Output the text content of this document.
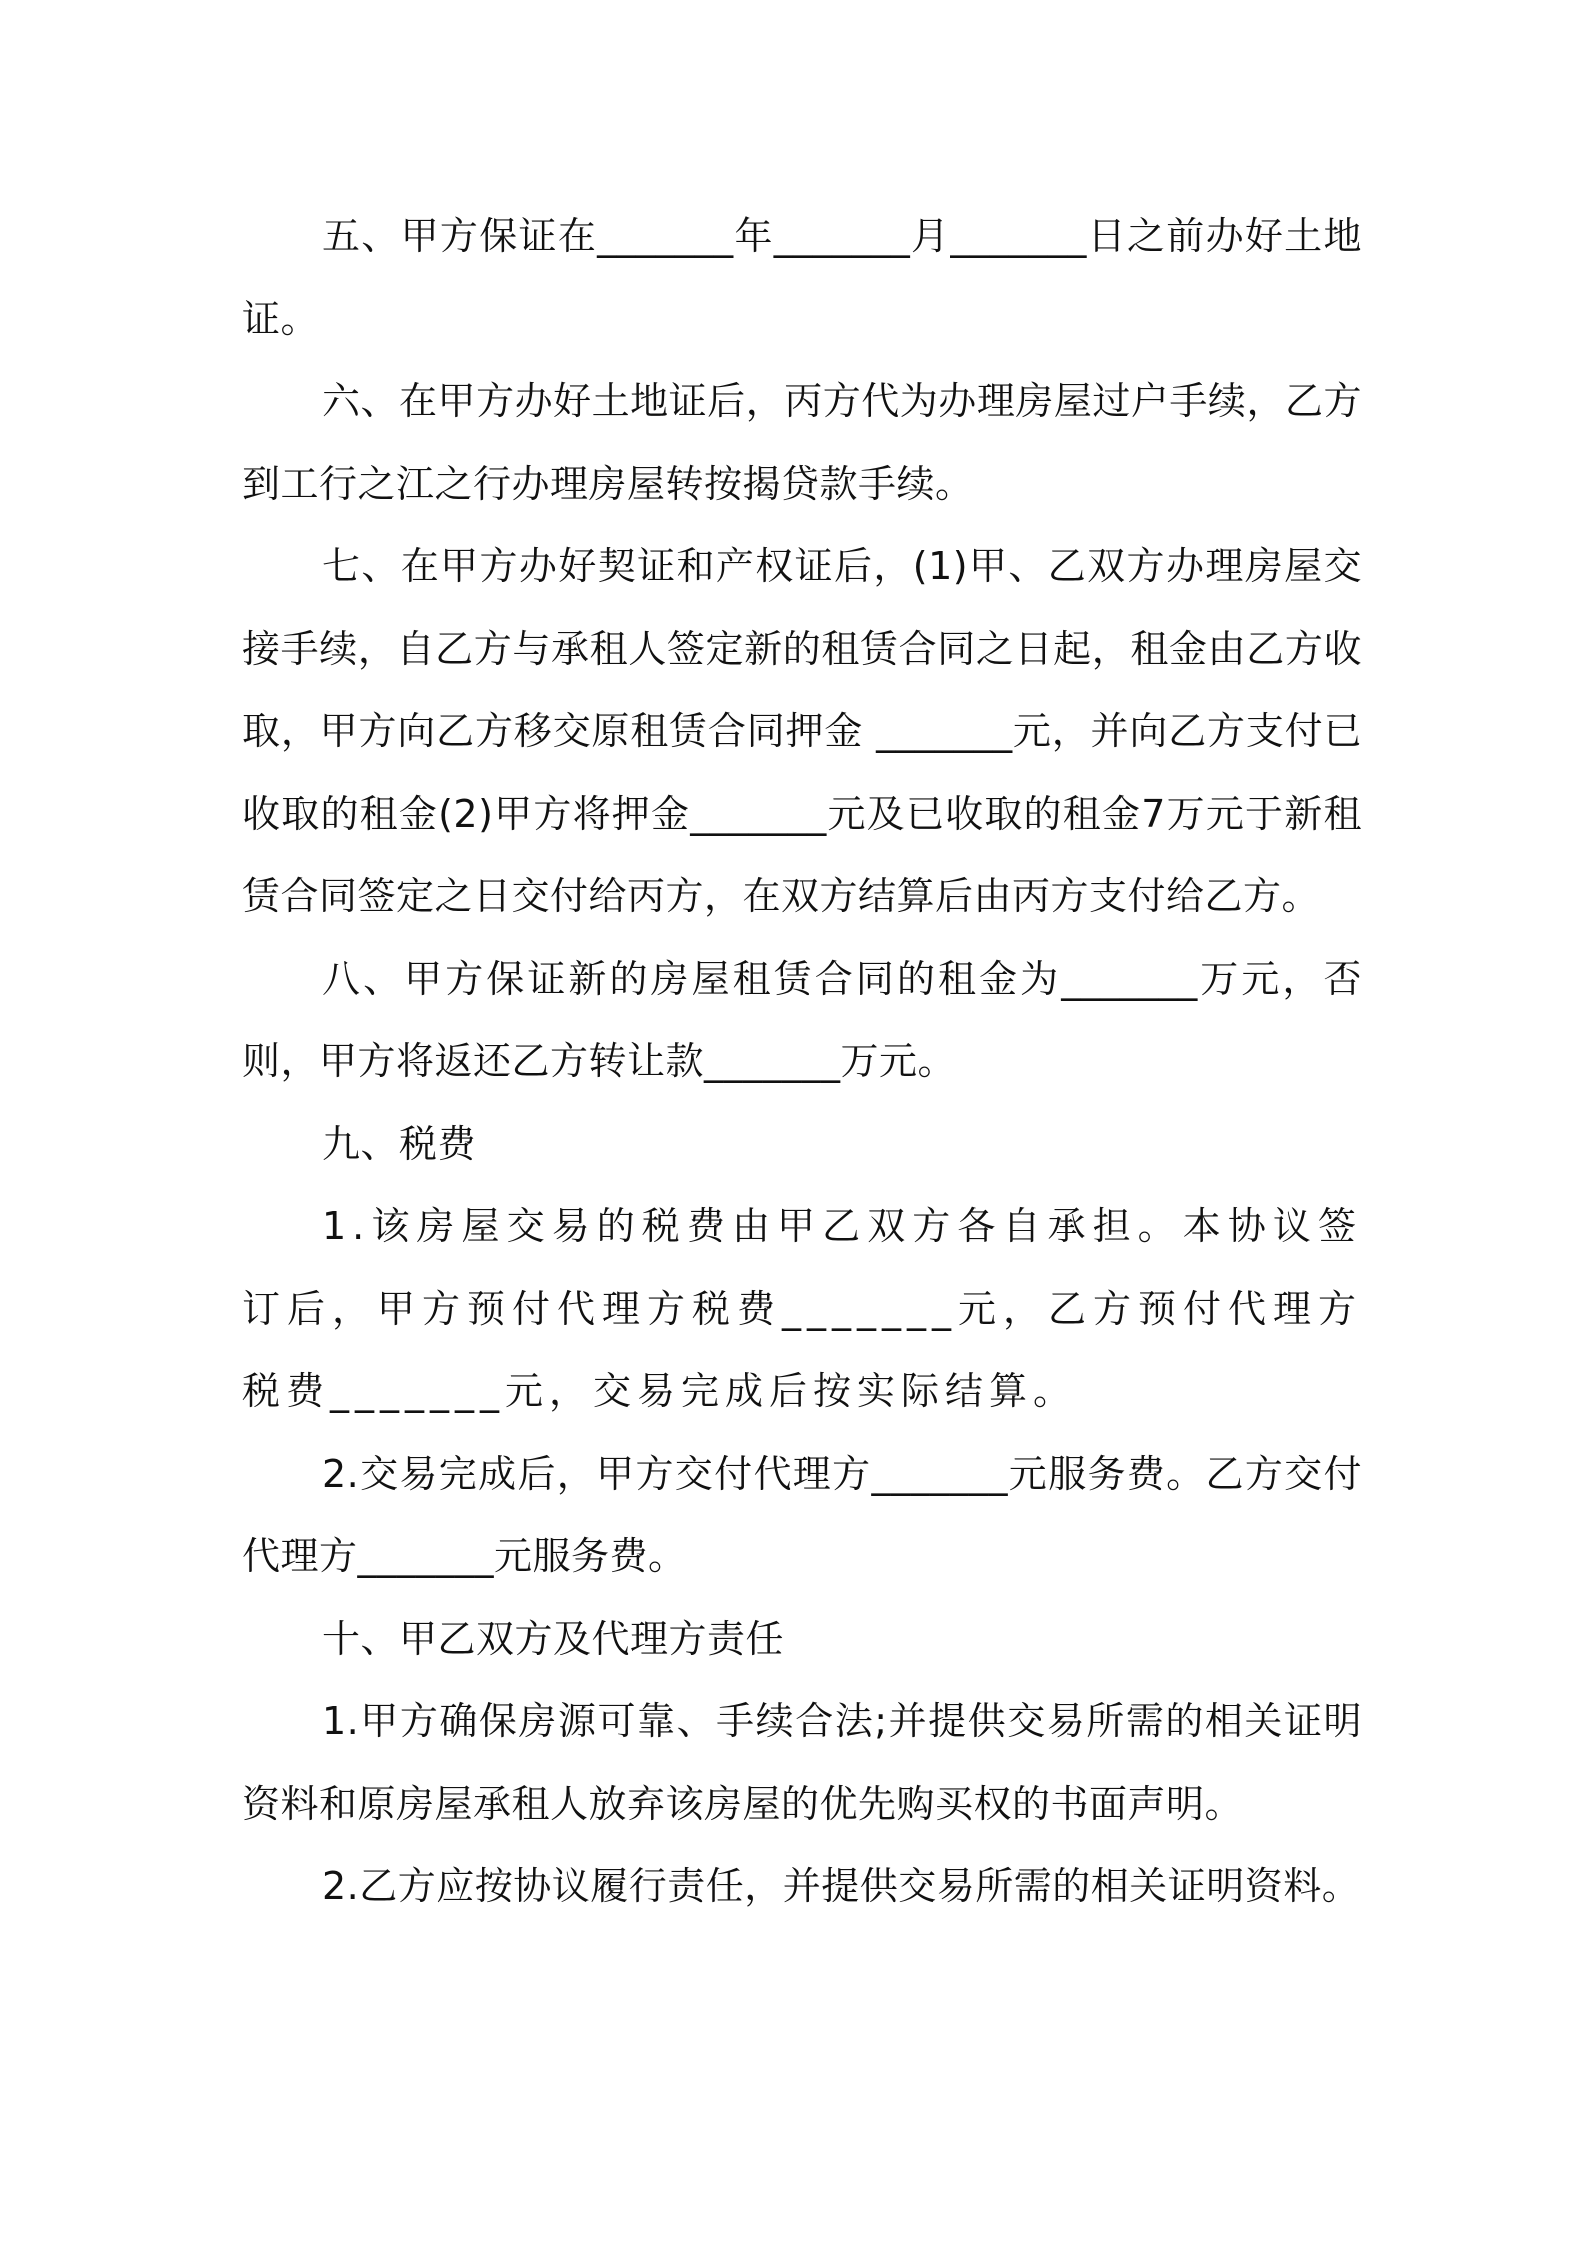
五、甲方保证在_______年_______月_______日之前办好土地证。

六、在甲方办好土地证后，丙方代为办理房屋过户手续，乙方到工行之江之行办理房屋转按揭贷款手续。

七、在甲方办好契证和产权证后，(1)甲、乙双方办理房屋交接手续，自乙方与承租人签定新的租赁合同之日起，租金由乙方收取，甲方向乙方移交原租赁合同押金 _______元，并向乙方支付已收取的租金(2)甲方将押金_______元及已收取的租金7万元于新租赁合同签定之日交付给丙方，在双方结算后由丙方支付给乙方。

八、甲方保证新的房屋租赁合同的租金为_______万元，否则，甲方将返还乙方转让款_______万元。

九、税费

1.该房屋交易的税费由甲乙双方各自承担。本协议签订后，甲方预付代理方税费_______元，乙方预付代理方税费_______元，交易完成后按实际结算。

2.交易完成后，甲方交付代理方_______元服务费。乙方交付代理方_______元服务费。

十、甲乙双方及代理方责任

1.甲方确保房源可靠、手续合法;并提供交易所需的相关证明资料和原房屋承租人放弃该房屋的优先购买权的书面声明。

2.乙方应按协议履行责任，并提供交易所需的相关证明资料。
